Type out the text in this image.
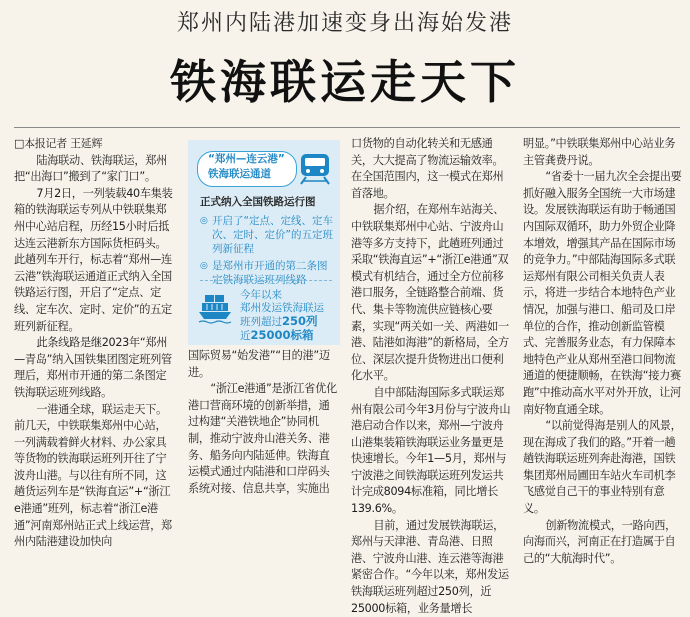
郑州内陆港加速变身出海始发港
铁海联运走天下

□本报记者 王延辉

陆海联动、铁海联运，郑州把“出海口”搬到了“家门口”。

7月2日，一列装载40车集装箱的铁海联运专列从中铁联集郑州中心站启程，历经15小时后抵达连云港新东方国际货柜码头。此趟列车开行，标志着“郑州—连云港”铁海联运通道正式纳入全国铁路运行图，开启了“定点、定线、定车次、定时、定价”的五定班列新征程。

此条线路是继2023年“郑州—青岛”纳入国铁集团图定班列管理后，郑州市开通的第二条图定铁海联运班列线路。

一港通全球，联运走天下。前几天，中铁联集郑州中心站，一列满载着鲜火材料、办公家具等货物的铁海联运班列开往了宁波舟山港。与以往有所不同，这趟货运列车是“铁海直运”+“浙江e港通”班列，标志着“浙江e港通”河南郑州站正式上线运营，郑州内陆港建设加快向

“郑州—连云港”
铁海联运通道
正式纳入全国铁路运行图
◎ 开启了“定点、定线、定车次、定时、定价”的五定班列新征程
◎ 是郑州市开通的第二条图定铁海联运班列线路
今年以来
郑州发运铁海联运
班列超过250列
近25000标箱

国际贸易“始发港”“目的港”迈进。

“浙江e港通”是浙江省优化港口营商环境的创新举措，通过构建“关港铁地企”协同机制，推动宁波舟山港关务、港务、船务向内陆延伸。铁海直运模式通过内陆港和口岸码头系统对接、信息共享，实施出

口货物的自动化转关和无感通关，大大提高了物流运输效率。在全国范围内，这一模式在郑州首落地。

据介绍，在郑州车站海关、中铁联集郑州中心站、宁波舟山港等多方支持下，此趟班列通过采取“铁海直运”+“浙江e港通”双模式有机结合，通过全方位前移港口服务，全链路整合前端、货代、集卡等物流供应链核心要素，实现“两关如一关、两港如一港、陆港如海港”的新格局，全方位、深层次提升货物进出口便利化水平。

自中部陆海国际多式联运郑州有限公司今年3月份与宁波舟山港启动合作以来，郑州—宁波舟山港集装箱铁海联运业务量更是快速增长。今年1—5月，郑州与宁波港之间铁海联运班列发运共计完成8094标准箱，同比增长139.6%。

目前，通过发展铁海联运，郑州与天津港、青岛港、日照港、宁波舟山港、连云港等海港紧密合作。“今年以来，郑州发运铁海联运班列超过250列，近25000标箱，业务量增长

明显。”中铁联集郑州中心站业务主管龚费丹说。

“省委十一届九次全会提出要抓好融入服务全国统一大市场建设。发展铁海联运有助于畅通国内国际双循环，助力外贸企业降本增效，增强其产品在国际市场的竞争力。”中部陆海国际多式联运郑州有限公司相关负责人表示，将进一步结合本地特色产业情况，加强与港口、船司及口岸单位的合作，推动创新监管模式、完善服务业态，有力保障本地特色产业从郑州至港口间物流通道的便捷顺畅，在铁海“接力赛跑”中推动高水平对外开放，让河南好物直通全球。

“以前觉得海是别人的风景，现在海成了我们的路。”开着一趟趟铁海联运班列奔赴海港，国铁集团郑州局圃田车站火车司机李飞感觉自己干的事业特别有意义。

创新物流模式，一路向西，向海而兴，河南正在打造属于自己的“大航海时代”。
